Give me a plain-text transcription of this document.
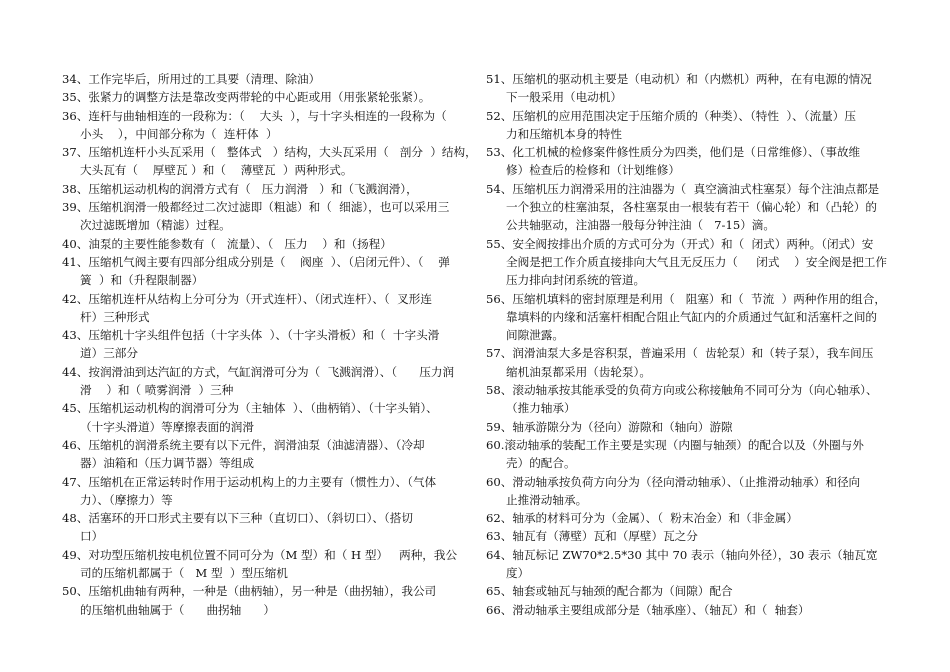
34、工作完毕后，所用过的工具要（清理、除油）

35、张紧力的调整方法是靠改变两带轮的中心距或用（用张紧轮张紧）。

36、连杆与曲轴相连的一段称为：（    大头  ），与十字头相连的一段称为（

小头    ），中间部分称为（  连杆体  ）

37、压缩机连杆小头瓦采用（   整体式   ）结构，大头瓦采用（   剖分  ）结构，

大头瓦有（    厚壁瓦 ）和（    薄壁瓦  ）两种形式。

38、压缩机运动机构的润滑方式有（   压力润滑   ）和（飞溅润滑），

39、压缩机润滑一般都经过二次过滤即（粗滤）和（  细滤），也可以采用三

次过滤既增加（精滤）过程。

40、油泵的主要性能参数有（   流量）、（   压力    ）和（扬程）

41、压缩机气阀主要有四部分组成分别是（    阀座  ）、（启闭元件）、（    弹

簧  ）和（升程限制器）

42、压缩机连杆从结构上分可分为（开式连杆）、（闭式连杆）、（  叉形连

杆）三种形式

43、压缩机十字头组件包括（十字头体  ）、（十字头滑板）和（  十字头滑

道）三部分

44、按润滑油到达汽缸的方式，气缸润滑可分为（  飞溅润滑）、（      压力润

滑    ）和（ 喷雾润滑  ）三种

45、压缩机运动机构的润滑可分为（主轴体  ）、（曲柄销）、（十字头销）、

（十字头滑道）等摩擦表面的润滑

46、压缩机的润滑系统主要有以下元件，润滑油泵（油滤清器）、（冷却

器）油箱和（压力调节器）等组成

47、压缩机在正常运转时作用于运动机构上的力主要有（惯性力）、（气体

力）、（摩擦力）等

48、活塞环的开口形式主要有以下三种（直切口）、（斜切口）、（搭切

口）

49、对功型压缩机按电机位置不同可分为（M 型）和（ H 型）   两种，我公

司的压缩机都属于（   M 型  ）型压缩机

50、压缩机曲轴有两种，一种是（曲柄轴），另一种是（曲拐轴），我公司

的压缩机曲轴属于（      曲拐轴      ）

51、压缩机的驱动机主要是（电动机）和（内燃机）两种，在有电源的情况

下一般采用（电动机）

52、压缩机的应用范围决定于压缩介质的（种类）、（特性  ）、（流量）压

力和压缩机本身的特性

53、化工机械的检修案件修性质分为四类，他们是（日常维修）、（事故维

修）检查后的检修和（计划维修）

54、压缩机压力润滑采用的注油器为（  真空滴油式柱塞泵）每个注油点都是

一个独立的柱塞油泵，各柱塞泵由一根装有若干（偏心轮）和（凸轮）的

公共轴驱动，注油器一般每分钟注油（   7-15）滴。

55、安全阀按排出介质的方式可分为（开式）和（  闭式）两种。（闭式）安

全阀是把工作介质直接排向大气且无反压力（     闭式    ）安全阀是把工作

压力排向封闭系统的管道。

56、压缩机填料的密封原理是利用（   阻塞）和（  节流  ）两种作用的组合，

靠填料的内缘和活塞杆相配合阻止气缸内的介质通过气缸和活塞杆之间的

间隙泄露。

57、润滑油泵大多是容积泵，普遍采用（  齿轮泵）和（转子泵），我车间压

缩机油泵都采用（齿轮泵）。

58、滚动轴承按其能承受的负荷方向或公称接触角不同可分为（向心轴承）、

（推力轴承）

59、轴承游隙分为（径向）游隙和（轴向）游隙

60.滚动轴承的装配工作主要是实现（内圈与轴颈）的配合以及（外圈与外

壳）的配合。

60、滑动轴承按负荷方向分为（径向滑动轴承）、（止推滑动轴承）和径向

止推滑动轴承。

62、轴承的材料可分为（金属）、（  粉末冶金）和（非金属）

63、轴瓦有（薄壁）瓦和（厚壁）瓦之分

64、轴瓦标记 ZW70*2.5*30 其中 70 表示（轴向外径），30 表示（轴瓦宽

度）

65、轴套或轴瓦与轴颈的配合都为（间隙）配合

66、滑动轴承主要组成部分是（轴承座）、（轴瓦）和（  轴套）
